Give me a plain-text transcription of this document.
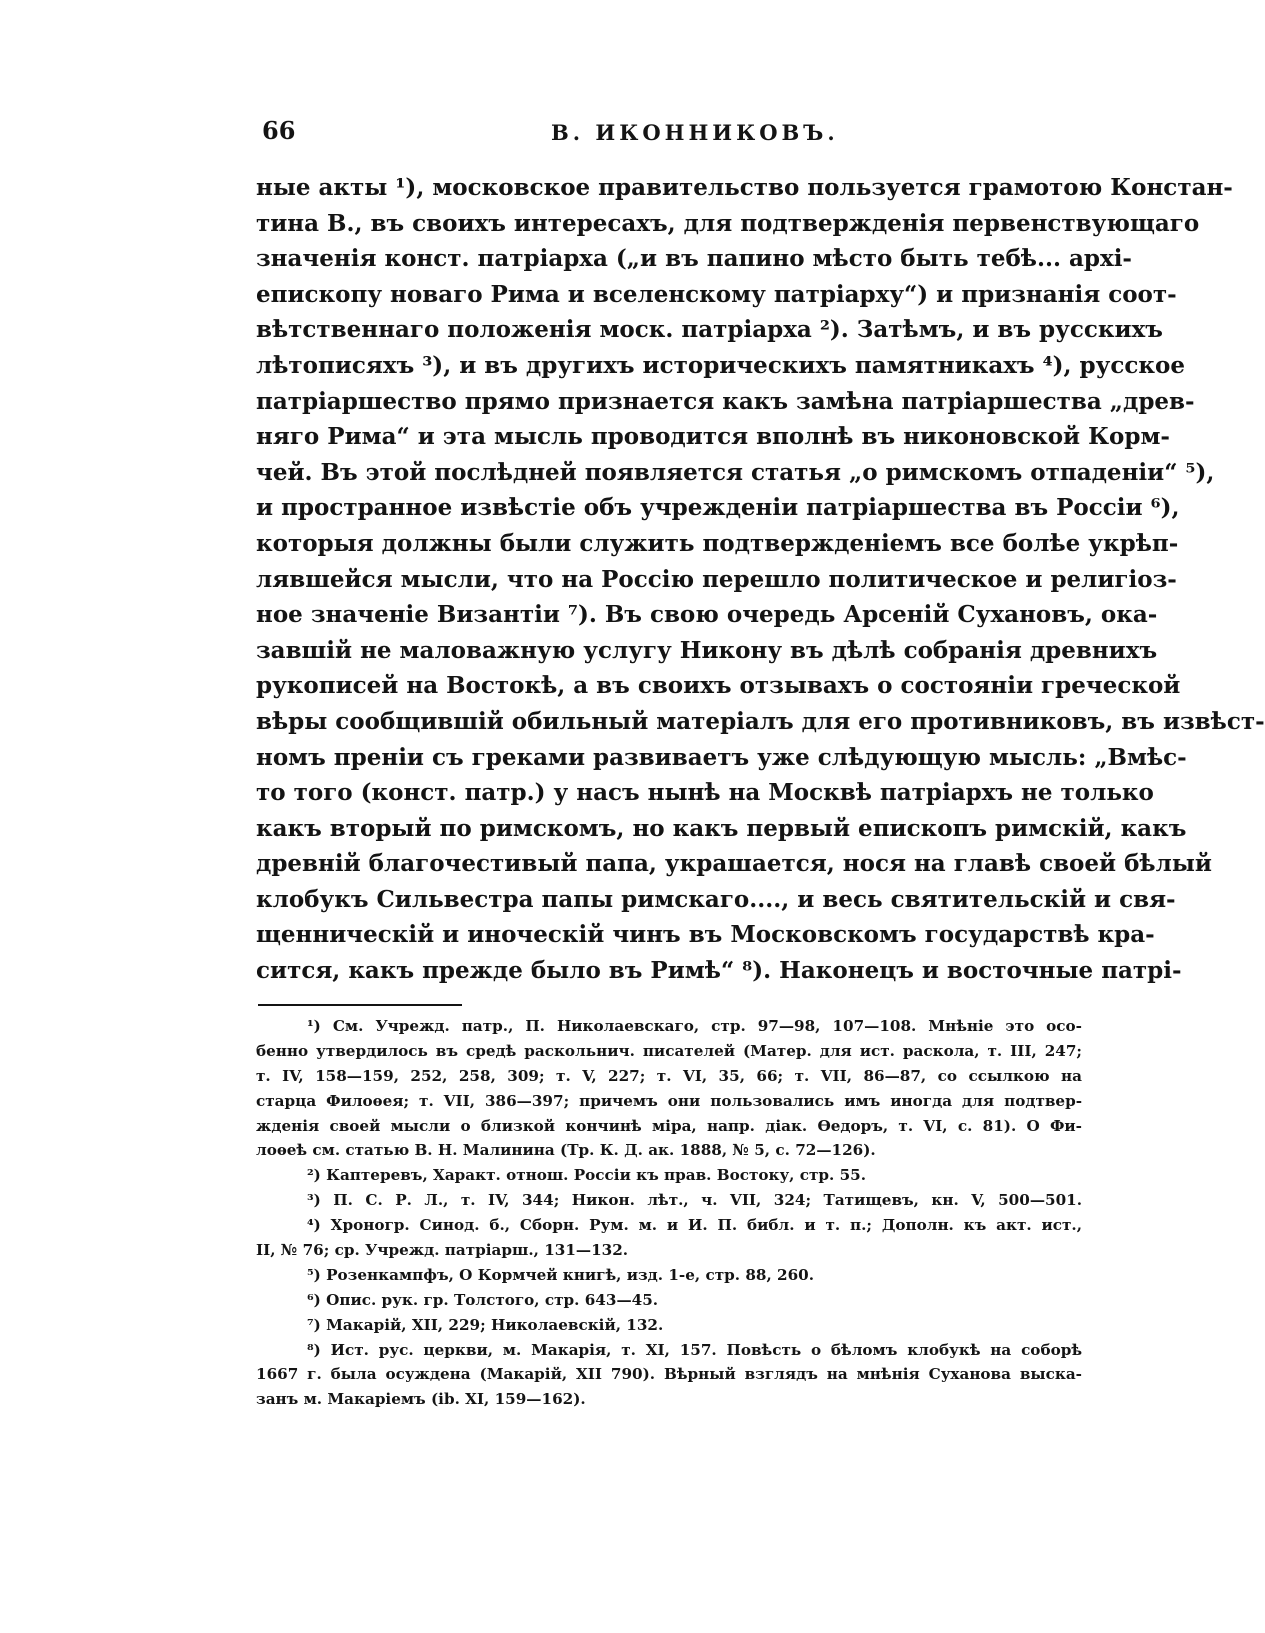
66	В. ИКОННИКОВЪ.
ные акты ¹), московское правительство пользуется грамотою Констан-
тина В., въ своихъ интересахъ, для подтвержденія первенствующаго
значенія конст. патріарха („и въ папино мѣсто быть тебѣ... архі-
епископу новаго Рима и вселенскому патріарху“) и признанія соот-
вѣтственнаго положенія моск. патріарха ²). Затѣмъ, и въ русскихъ
лѣтописяхъ ³), и въ другихъ историческихъ памятникахъ ⁴), русское
патріаршество прямо признается какъ замѣна патріаршества „древ-
няго Рима“ и эта мысль проводится вполнѣ въ никоновской Корм-
чей. Въ этой послѣдней появляется статья „о римскомъ отпаденіи“ ⁵),
и пространное извѣстіе объ учрежденіи патріаршества въ Россіи ⁶),
которыя должны были служить подтвержденіемъ все болѣе укрѣп-
лявшейся мысли, что на Россію перешло политическое и религіоз-
ное значеніе Византіи ⁷). Въ свою очередь Арсеній Сухановъ, ока-
завшій не маловажную услугу Никону въ дѣлѣ собранія древнихъ
рукописей на Востокѣ, а въ своихъ отзывахъ о состояніи греческой
вѣры сообщившій обильный матеріалъ для его противниковъ, въ извѣст-
номъ преніи съ греками развиваетъ уже слѣдующую мысль: „Вмѣс-
то того (конст. патр.) у насъ нынѣ на Москвѣ патріархъ не только
какъ вторый по римскомъ, но какъ первый епископъ римскій, какъ
древній благочестивый папа, украшается, нося на главѣ своей бѣлый
клобукъ Сильвестра папы римскаго...., и весь святительскій и свя-
щенническій и иноческій чинъ въ Московскомъ государствѣ кра-
сится, какъ прежде было въ Римѣ“ ⁸). Наконецъ и восточные патрі-
¹) См. Учрежд. патр., П. Николаевскаго, стр. 97—98, 107—108. Мнѣніе это осо-
бенно утвердилось въ средѣ раскольнич. писателей (Матер. для ист. раскола, т. III, 247;
т. IV, 158—159, 252, 258, 309; т. V, 227; т. VI, 35, 66; т. VII, 86—87, со ссылкою на
старца Филоѳея; т. VII, 386—397; причемъ они пользовались имъ иногда для подтвер-
жденія своей мысли о близкой кончинѣ міра, напр. діак. Ѳедоръ, т. VI, с. 81). О Фи-
лоѳеѣ см. статью В. Н. Малинина (Тр. К. Д. ак. 1888, № 5, с. 72—126).
²) Каптеревъ, Характ. отнош. Россіи къ прав. Востоку, стр. 55.
³) П. С. Р. Л., т. IV, 344; Никон. лѣт., ч. VII, 324; Татищевъ, кн. V, 500—501.
⁴) Хроногр. Синод. б., Сборн. Рум. м. и И. П. библ. и т. п.; Дополн. къ акт. ист.,
II, № 76; ср. Учрежд. патріарш., 131—132.
⁵) Розенкампфъ, О Кормчей книгѣ, изд. 1-е, стр. 88, 260.
⁶) Опис. рук. гр. Толстого, стр. 643—45.
⁷) Макарій, XII, 229; Николаевскій, 132.
⁸) Ист. рус. церкви, м. Макарія, т. XI, 157. Повѣсть о бѣломъ клобукѣ на соборѣ
1667 г. была осуждена (Макарій, XII 790). Вѣрный взглядъ на мнѣнія Суханова выска-
занъ м. Макаріемъ (ib. XI, 159—162).
